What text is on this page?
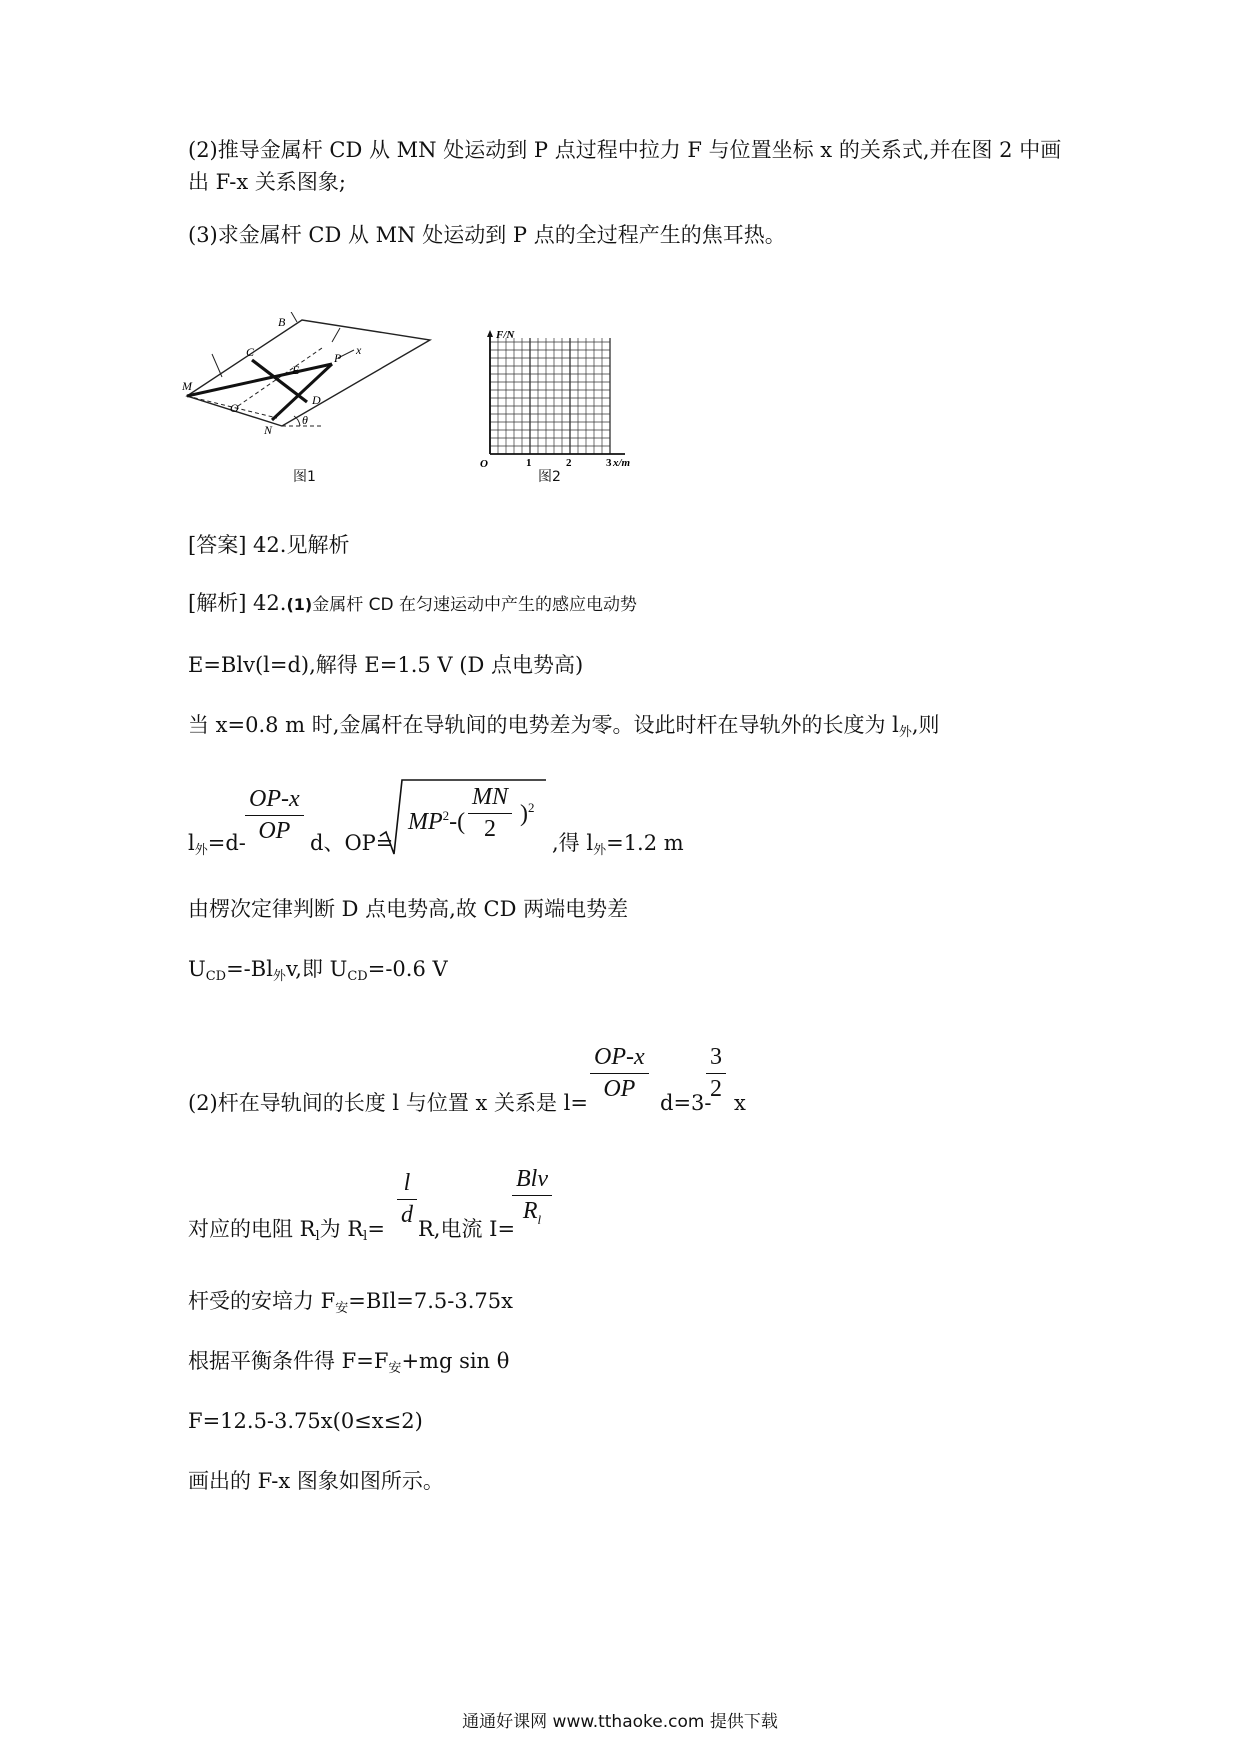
(2)推导金属杆 CD 从 MN 处运动到 P 点过程中拉力 F 与位置坐标 x 的关系式,并在图 2 中画
出 F-x 关系图象;
(3)求金属杆 CD 从 MN 处运动到 P 点的全过程产生的焦耳热。
B
x
C	P
E
M
D
O
N
θ
图1
F/N
O	1	2	3 x/m
图2
[答案] 42.见解析
[解析] 42.(1)金属杆 CD 在匀速运动中产生的感应电动势
E=Blv(l=d),解得 E=1.5 V (D 点电势高)
当 x=0.8 m 时,金属杆在导轨间的电势差为零。设此时杆在导轨外的长度为 $l_外$,则
$l_外=d-$
OP-x
OP d、OP=
$MP^2-$(
MN
2
)$^2$
,得 $l_外=1.2$ m
由楞次定律判断 D 点电势高,故 CD 两端电势差
$U_{CD}=-Bl_外v$,即 $U_{CD}=-0.6$ V
(2)杆在导轨间的长度 l 与位置 x 关系是 l=
OP-x
OP
d=3-
3
2
x
对应的电阻 $R_l$为 $R_l=$
l
d
R,电流 I=
Blv
$R_l$
杆受的安培力 $F_安=BIl=7.5-3.75x$
根据平衡条件得 $F=F_安+mg$ sin θ
F=12.5-3.75x(0≤x≤2)
画出的 F-x 图象如图所示。
通通好课网 www.tthaoke.com 提供下载
